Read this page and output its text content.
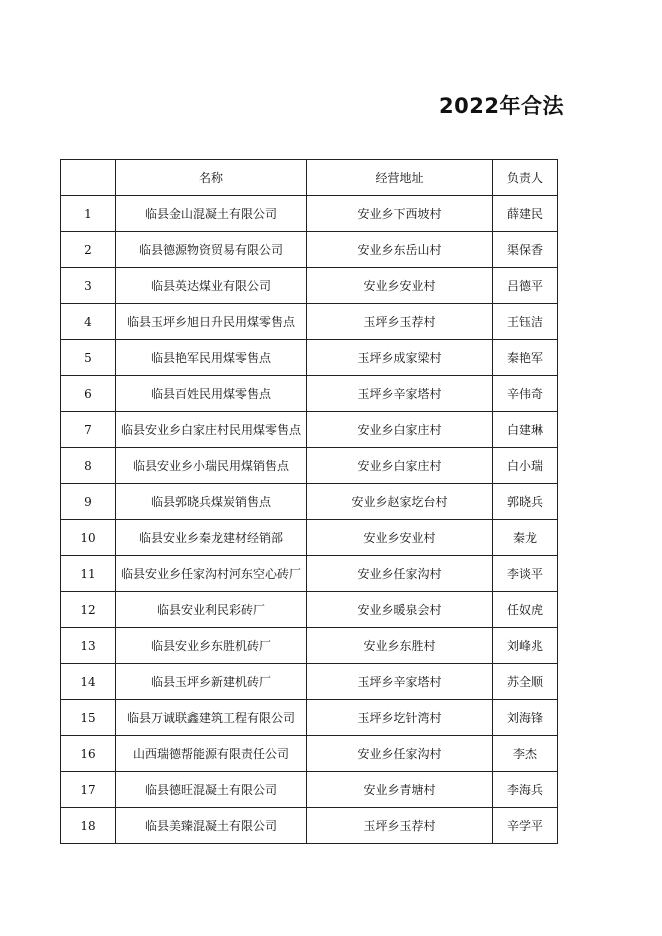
2022年合法
	名称	经营地址	负责人
1	临县金山混凝土有限公司	安业乡下西坡村	薛建民
2	临县德源物资贸易有限公司	安业乡东岳山村	渠保香
3	临县英达煤业有限公司	安业乡安业村	吕德平
4	临县玉坪乡旭日升民用煤零售点	玉坪乡玉荐村	王钰洁
5	临县艳军民用煤零售点	玉坪乡成家梁村	秦艳军
6	临县百姓民用煤零售点	玉坪乡辛家塔村	辛伟奇
7	临县安业乡白家庄村民用煤零售点	安业乡白家庄村	白建琳
8	临县安业乡小瑞民用煤销售点	安业乡白家庄村	白小瑞
9	临县郭晓兵煤炭销售点	安业乡赵家圪台村	郭晓兵
10	临县安业乡秦龙建材经销部	安业乡安业村	秦龙
11	临县安业乡任家沟村河东空心砖厂	安业乡任家沟村	李谈平
12	临县安业利民彩砖厂	安业乡暖泉会村	任奴虎
13	临县安业乡东胜机砖厂	安业乡东胜村	刘峰兆
14	临县玉坪乡新建机砖厂	玉坪乡辛家塔村	苏全顺
15	临县万诚联鑫建筑工程有限公司	玉坪乡圪针湾村	刘海锋
16	山西瑞德帮能源有限责任公司	安业乡任家沟村	李杰
17	临县德旺混凝土有限公司	安业乡青塘村	李海兵
18	临县美臻混凝土有限公司	玉坪乡玉荐村	辛学平
